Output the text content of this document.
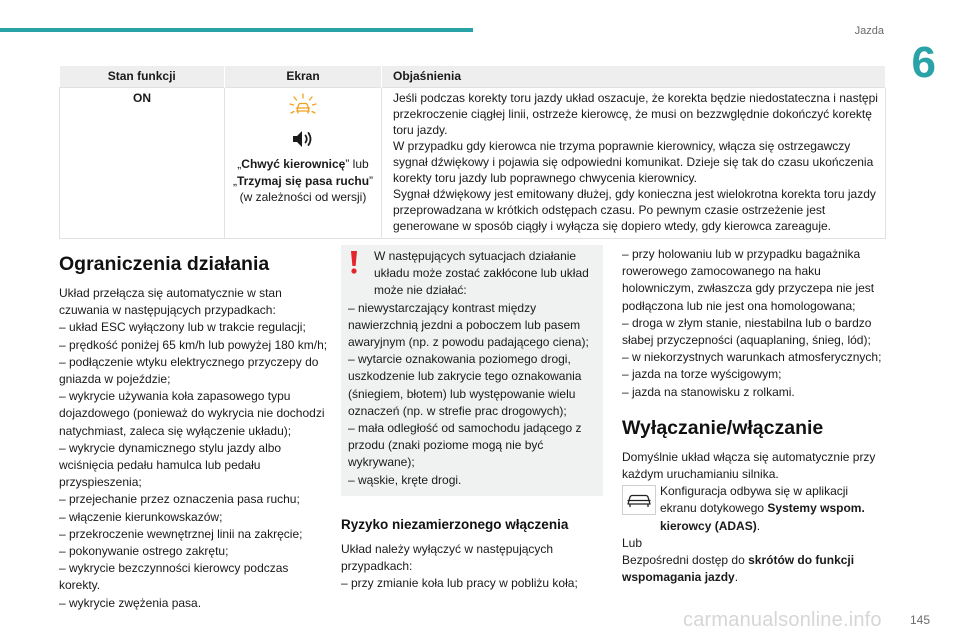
Jazda
6
Stan funkcji	Ekran	Objaśnienia
ON	„Chwyć kierownicę” lub „Trzymaj się pasa ruchu” (w zależności od wersji)	Jeśli podczas korekty toru jazdy układ oszacuje, że korekta będzie niedostateczna i następi przekroczenie ciągłej linii, ostrzeże kierowcę, że musi on bezzwględnie dokończyć korektę toru jazdy.

W przypadku gdy kierowca nie trzyma poprawnie kierownicy, włącza się ostrzegawczy sygnał dźwiękowy i pojawia się odpowiedni komunikat. Dzieje się tak do czasu ukończenia korekty toru jazdy lub poprawnego chwycenia kierownicy.

Sygnał dźwiękowy jest emitowany dłużej, gdy konieczna jest wielokrotna korekta toru jazdy przeprowadzana w krótkich odstępach czasu. Po pewnym czasie ostrzeżenie jest generowane w sposób ciągły i wyłącza się dopiero wtedy, gdy kierowca zareaguje.

Ograniczenia działania

Układ przełącza się automatycznie w stan czuwania w następujących przypadkach:

– układ ESC wyłączony lub w trakcie regulacji;

– prędkość poniżej 65 km/h lub powyżej 180 km/h;

– podłączenie wtyku elektrycznego przyczepy do gniazda w pojeździe;

– wykrycie używania koła zapasowego typu dojazdowego (ponieważ do wykrycia nie dochodzi natychmiast, zaleca się wyłączenie układu);

– wykrycie dynamicznego stylu jazdy albo wciśnięcia pedału hamulca lub pedału przyspieszenia;

– przejechanie przez oznaczenia pasa ruchu;

– włączenie kierunkowskazów;

– przekroczenie wewnętrznej linii na zakręcie;

– pokonywanie ostrego zakrętu;

– wykrycie bezczynności kierowcy podczas korekty.

– wykrycie zwężenia pasa.

W następujących sytuacjach działanie układu może zostać zakłócone lub układ może nie działać:

– niewystarczający kontrast między nawierzchnią jezdni a poboczem lub pasem awaryjnym (np. z powodu padającego ciena);

– wytarcie oznakowania poziomego drogi, uszkodzenie lub zakrycie tego oznakowania (śniegiem, błotem) lub występowanie wielu oznaczeń (np. w strefie prac drogowych);

– mała odległość od samochodu jadącego z przodu (znaki poziome mogą nie być wykrywane);

– wąskie, kręte drogi.

Ryzyko niezamierzonego włączenia

Układ należy wyłączyć w następujących przypadkach:

– przy zmianie koła lub pracy w pobliżu koła;

– przy holowaniu lub w przypadku bagażnika rowerowego zamocowanego na haku holowniczym, zwłaszcza gdy przyczepa nie jest podłączona lub nie jest ona homologowana;

– droga w złym stanie, niestabilna lub o bardzo słabej przyczepności (aquaplaning, śnieg, lód);

– w niekorzystnych warunkach atmosferycznych;

– jazda na torze wyścigowym;

– jazda na stanowisku z rolkami.

Wyłączanie/włączanie

Domyślnie układ włącza się automatycznie przy każdym uruchamianiu silnika.

Konfiguracja odbywa się w aplikacji ekranu dotykowego Systemy wspom. kierowcy (ADAS).

Lub

Bezpośredni dostęp do skrótów do funkcji wspomagania jazdy.

carmanualsonline.info 145
